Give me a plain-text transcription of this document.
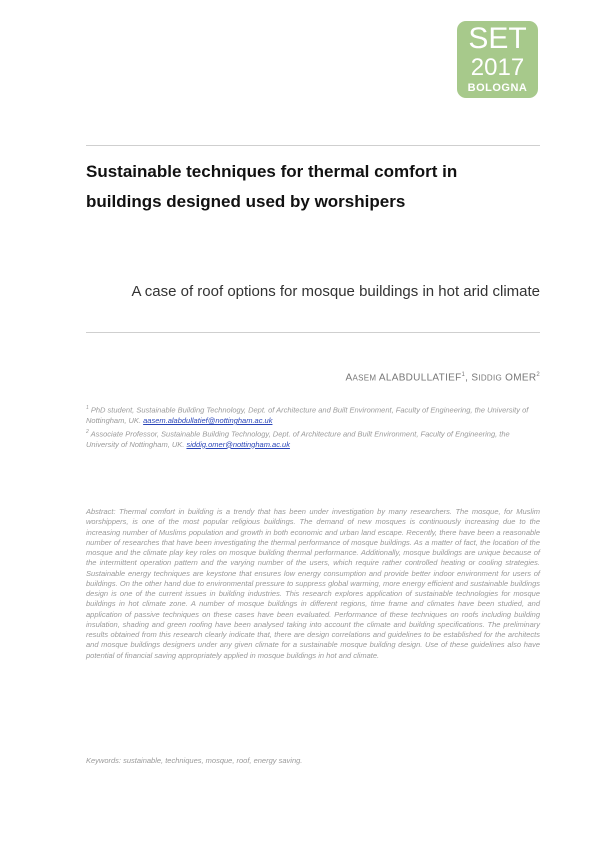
SET
2017
BOLOGNA
Sustainable techniques for thermal comfort in
buildings designed used by worshipers
A case of roof options for mosque buildings in hot arid climate
AASEM ALABDULLATIEF$^1$, SIDDIG OMER$^2$
$^1$ PhD student, Sustainable Building Technology, Dept. of Architecture and Built Environment, Faculty of Engineering, the University of Nottingham, UK. aasem.alabdullatief@nottingham.ac.uk
$^2$ Associate Professor, Sustainable Building Technology, Dept. of Architecture and Built Environment, Faculty of Engineering, the University of Nottingham, UK. siddig.omer@nottingham.ac.uk
Abstract: Thermal comfort in building is a trendy that has been under investigation by many researchers. The mosque, for Muslim worshippers, is one of the most popular religious buildings. The demand of new mosques is continuously increasing due to the increasing number of Muslims population and growth in both economic and urban land escape. Recently, there have been a reasonable number of researches that have been investigating the thermal performance of mosque buildings. As a matter of fact, the location of the mosque and the climate play key roles on mosque building thermal performance. Additionally, mosque buildings are unique because of the intermittent operation pattern and the varying number of the users, which require rather controlled heating or cooling strategies. Sustainable energy techniques are keystone that ensures low energy consumption and provide better indoor environment for users of buildings. On the other hand due to environmental pressure to suppress global warming, more energy efficient and sustainable buildings design is one of the current issues in building industries. This research explores application of sustainable technologies for mosque buildings in hot climate zone. A number of mosque buildings in different regions, time frame and climates have been studied, and application of passive techniques on these cases have been evaluated. Performance of these techniques on roofs including building insulation, shading and green roofing have been analysed taking into account the climate and building specifications. The preliminary results obtained from this research clearly indicate that, there are design correlations and guidelines to be established for the architects and mosque buildings designers under any given climate for a sustainable mosque building design. Use of these guidelines also have potential of financial saving appropriately applied in mosque buildings in hot and climate.
Keywords: sustainable, techniques, mosque, roof, energy saving.
